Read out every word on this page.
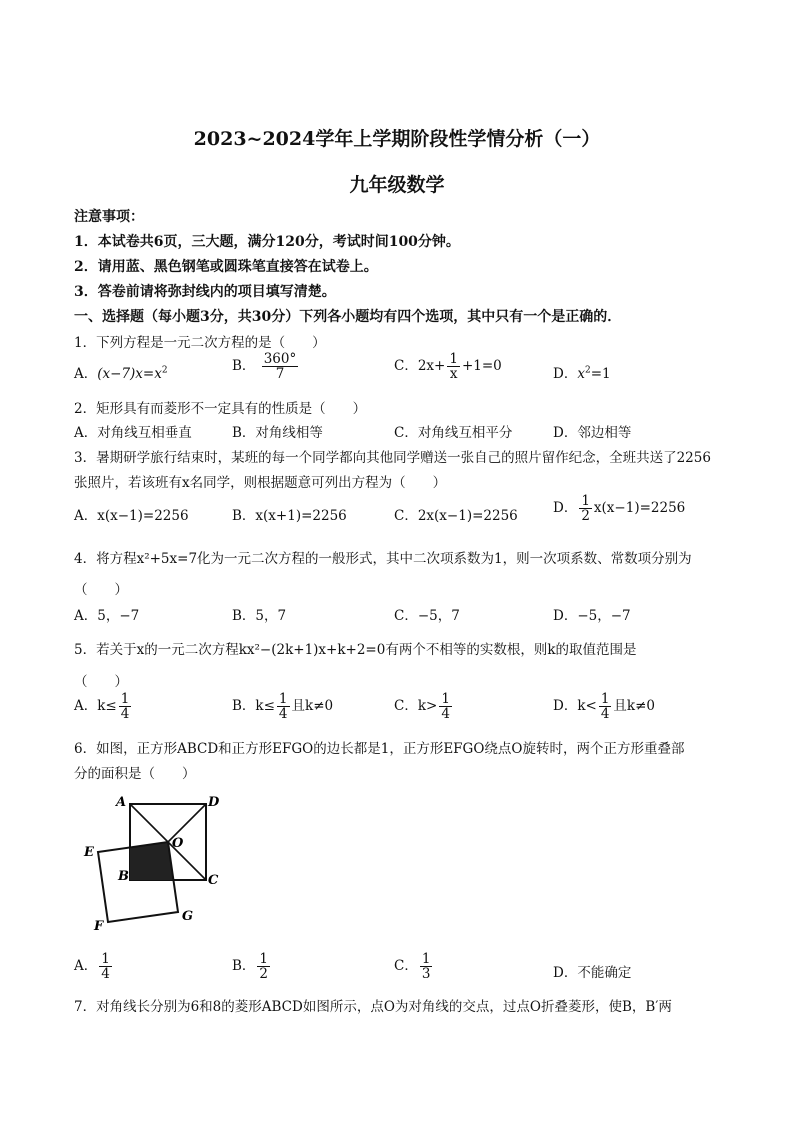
2023~2024学年上学期阶段性学情分析（一）
九年级数学
注意事项：
1．本试卷共6页，三大题，满分120分，考试时间100分钟。
2．请用蓝、黑色钢笔或圆珠笔直接答在试卷上。
3．答卷前请将弥封线内的项目填写清楚。
一、选择题（每小题3分，共30分）下列各小题均有四个选项，其中只有一个是正确的．
1．下列方程是一元二次方程的是（　　）
A．$(x-7)x=x^2$	B． $\frac{360^\circ}{7}$	C．$2x+ \frac{1}{x} +1=0$	D．$x^2=1$
2．矩形具有而菱形不一定具有的性质是（　　）
A．对角线互相垂直	B．对角线相等	C．对角线互相平分	D．邻边相等
3．暑期研学旅行结束时，某班的每一个同学都向其他同学赠送一张自己的照片留作纪念，全班共送了2256
张照片，若该班有x名同学，则根据题意可列出方程为（　　）
A．x(x−1)=2256	B．x(x+1)=2256	C．2x(x−1)=2256	D． $\frac{1}{2} x(x-1)=2256$
4．将方程x²+5x=7化为一元二次方程的一般形式，其中二次项系数为1，则一次项系数、常数项分别为
（　　）
A．5，−7	B．5，7	C．−5，7	D．−5，−7
5．若关于x的一元二次方程kx²−(2k+1)x+k+2=0有两个不相等的实数根，则k的取值范围是
（　　）
A．$k\le \frac{1}{4}$	B．$k\le \frac{1}{4}$ 且k≠0	C．$k> \frac{1}{4}$	D．$k< \frac{1}{4}$ 且k≠0
6．如图，正方形ABCD和正方形EFGO的边长都是1，正方形EFGO绕点O旋转时，两个正方形重叠部
分的面积是（　　）
A	D
O
E
B	C
F
G
A． $\frac{1}{4}$	B． $\frac{1}{2}$	C． $\frac{1}{3}$	D．不能确定
7．对角线长分别为6和8的菱形ABCD如图所示，点O为对角线的交点，过点O折叠菱形，使B，B′两
